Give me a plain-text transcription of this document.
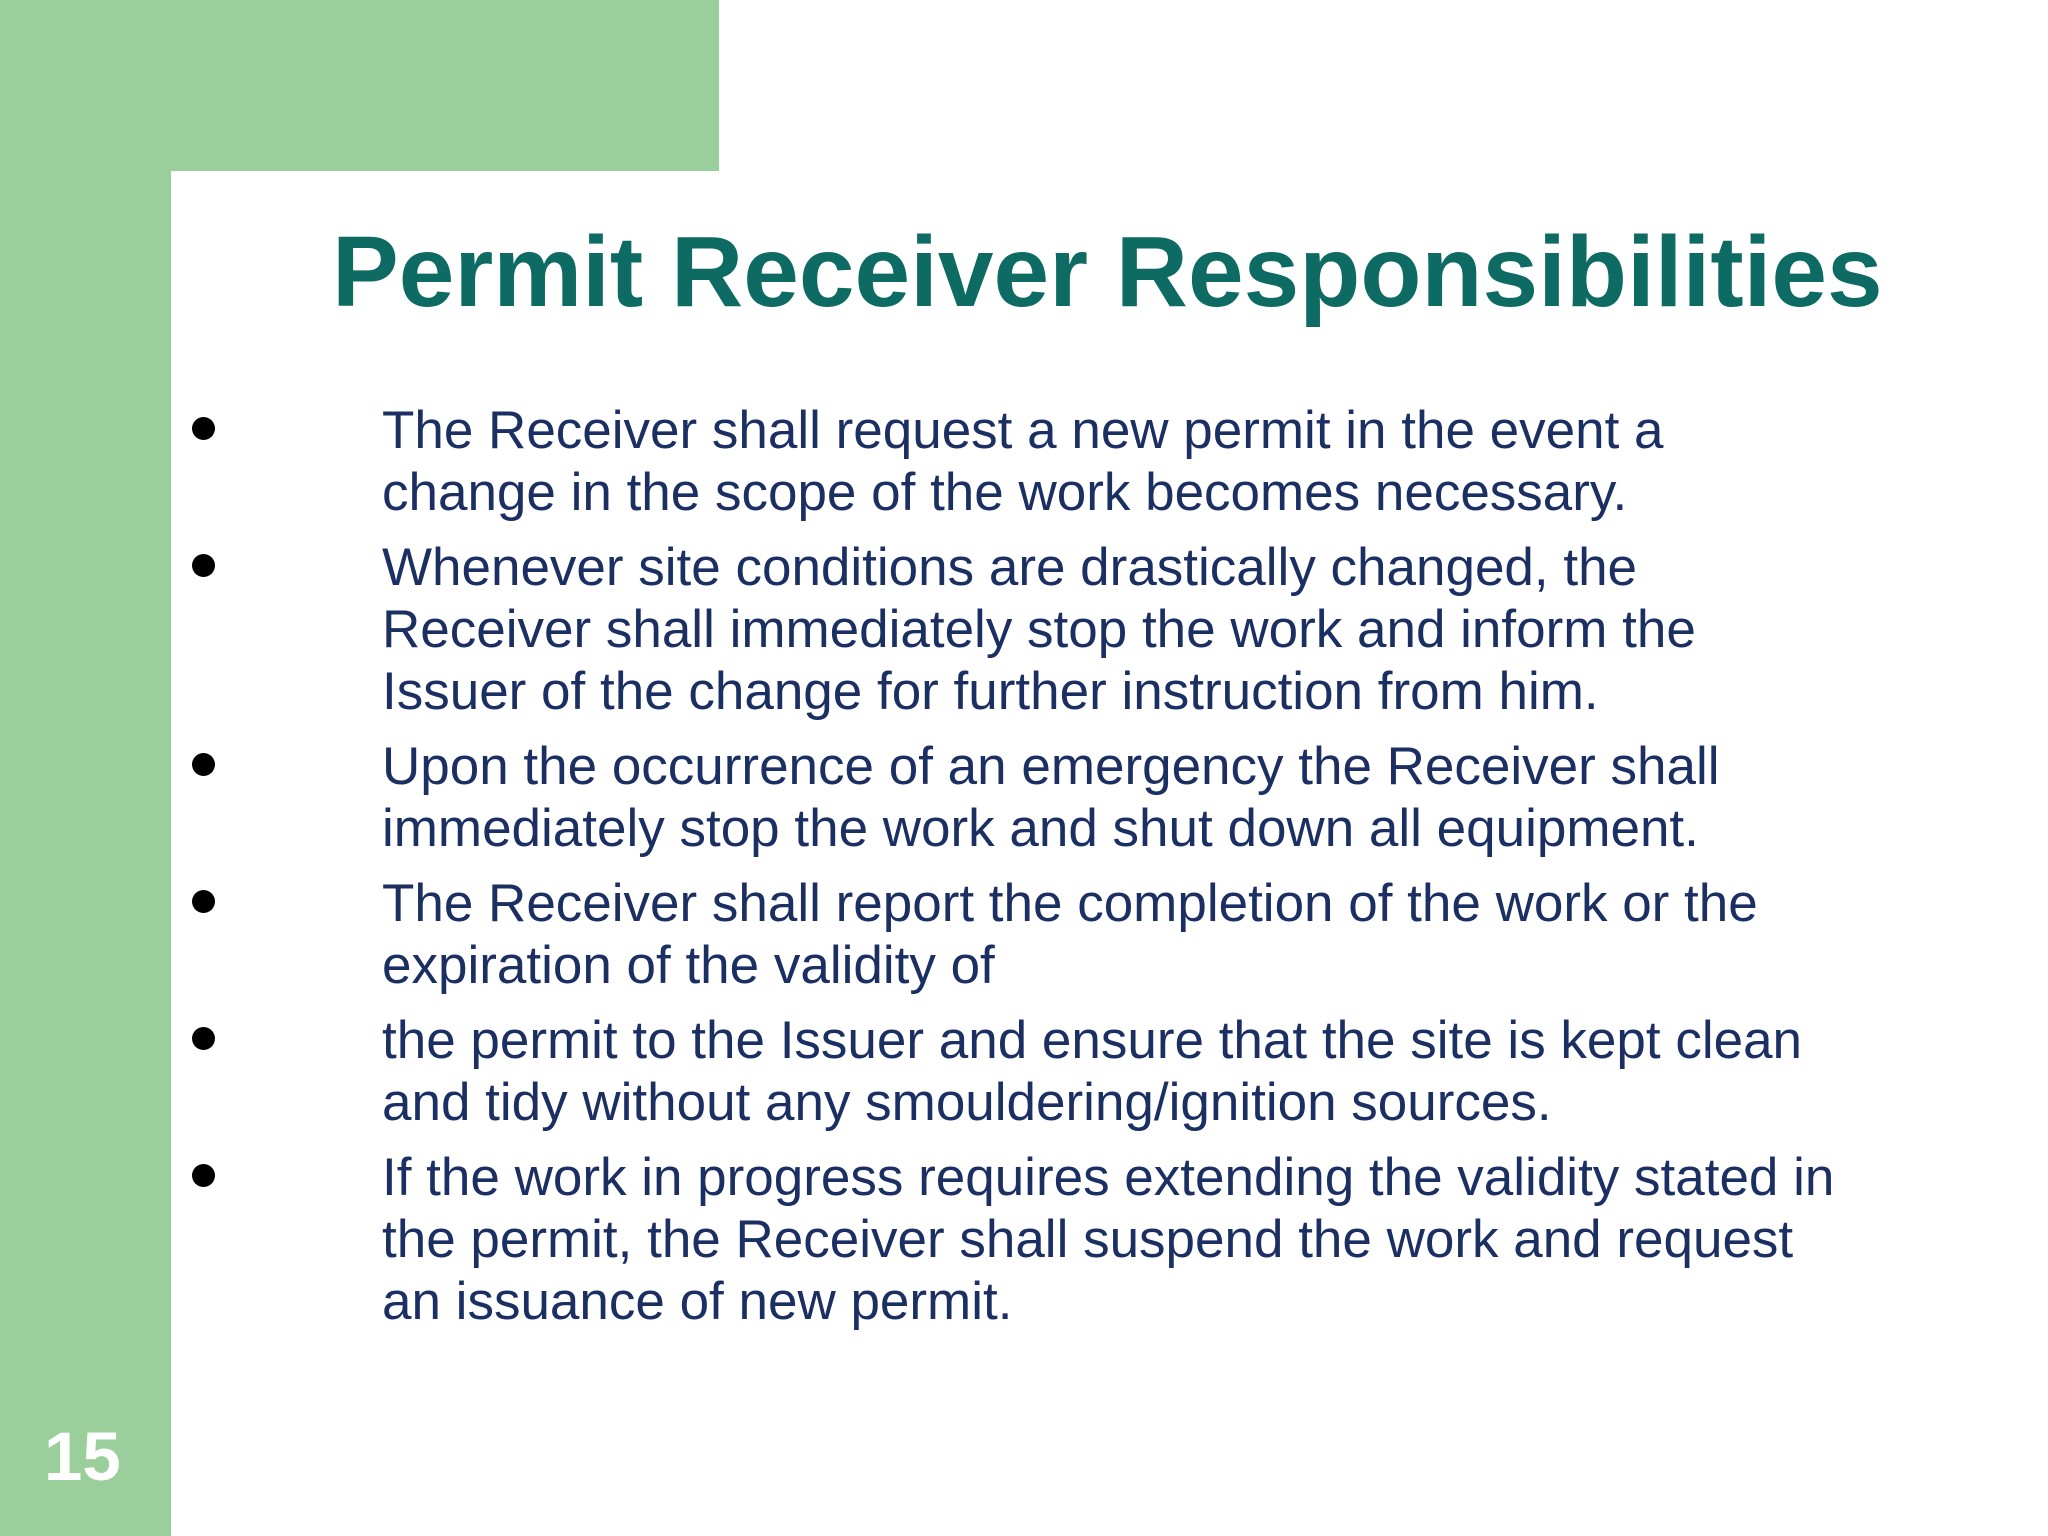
Permit Receiver Responsibilities
The Receiver shall request a new permit in the event a
change in the scope of the work becomes necessary.
Whenever site conditions are drastically changed, the
Receiver shall immediately stop the work and inform the
Issuer of the change for further instruction from him.
Upon the occurrence of an emergency the Receiver shall
immediately stop the work and shut down all equipment.
The Receiver shall report the completion of the work or the
expiration of the validity of
the permit to the Issuer and ensure that the site is kept clean
and tidy without any smouldering/ignition sources.
If the work in progress requires extending the validity stated in
the permit, the Receiver shall suspend the work and request
an issuance of new permit.
15
